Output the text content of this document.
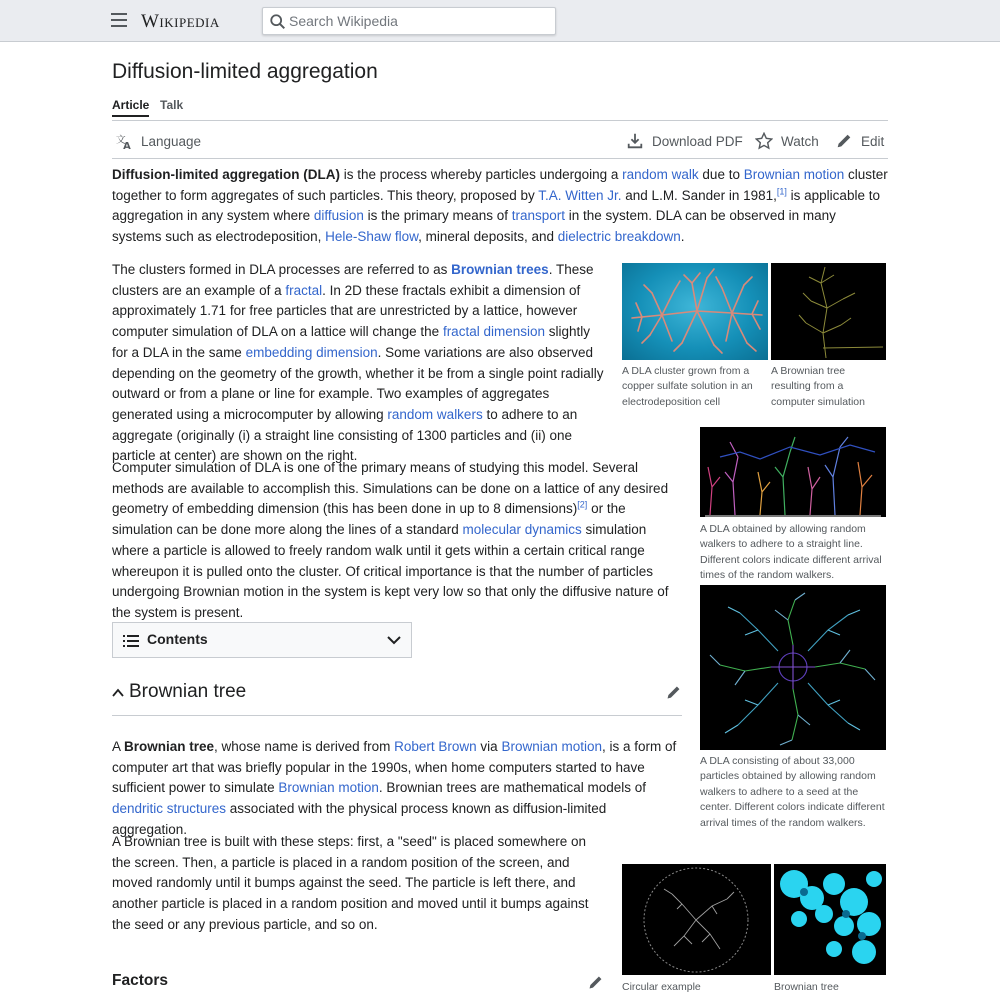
Wikipedia
Search Wikipedia
Diffusion-limited aggregation
Article Talk
文
A Language	Download PDF	Watch	Edit

Diffusion-limited aggregation (DLA) is the process whereby particles undergoing a random walk due to Brownian motion cluster together to form aggregates of such particles. This theory, proposed by T.A. Witten Jr. and L.M. Sander in 1981,[1] is applicable to aggregation in any system where diffusion is the primary means of transport in the system. DLA can be observed in many systems such as electrodeposition, Hele-Shaw flow, mineral deposits, and dielectric breakdown.

The clusters formed in DLA processes are referred to as Brownian trees. These clusters are an example of a fractal. In 2D these fractals exhibit a dimension of approximately 1.71 for free particles that are unrestricted by a lattice, however computer simulation of DLA on a lattice will change the fractal dimension slightly for a DLA in the same embedding dimension. Some variations are also observed depending on the geometry of the growth, whether it be from a single point radially outward or from a plane or line for example. Two examples of aggregates generated using a microcomputer by allowing random walkers to adhere to an aggregate (originally (i) a straight line consisting of 1300 particles and (ii) one particle at center) are shown on the right.

Computer simulation of DLA is one of the primary means of studying this model. Several methods are available to accomplish this. Simulations can be done on a lattice of any desired geometry of embedding dimension (this has been done in up to 8 dimensions)[2] or the simulation can be done more along the lines of a standard molecular dynamics simulation where a particle is allowed to freely random walk until it gets within a certain critical range whereupon it is pulled onto the cluster. Of critical importance is that the number of particles undergoing Brownian motion in the system is kept very low so that only the diffusive nature of the system is present.

A DLA cluster grown from a copper sulfate solution in an electrodeposition cell
A Brownian tree resulting from a computer simulation
A DLA obtained by allowing random walkers to adhere to a straight line. Different colors indicate different arrival times of the random walkers.
A DLA consisting of about 33,000 particles obtained by allowing random walkers to adhere to a seed at the center. Different colors indicate different arrival times of the random walkers.
Contents
Brownian tree

A Brownian tree, whose name is derived from Robert Brown via Brownian motion, is a form of computer art that was briefly popular in the 1990s, when home computers started to have sufficient power to simulate Brownian motion. Brownian trees are mathematical models of dendritic structures associated with the physical process known as diffusion-limited aggregation.

A Brownian tree is built with these steps: first, a "seed" is placed somewhere on the screen. Then, a particle is placed in a random position of the screen, and moved randomly until it bumps against the seed. The particle is left there, and another particle is placed in a random position and moved until it bumps against the seed or any previous particle, and so on.

Circular example	Brownian tree
Factors
